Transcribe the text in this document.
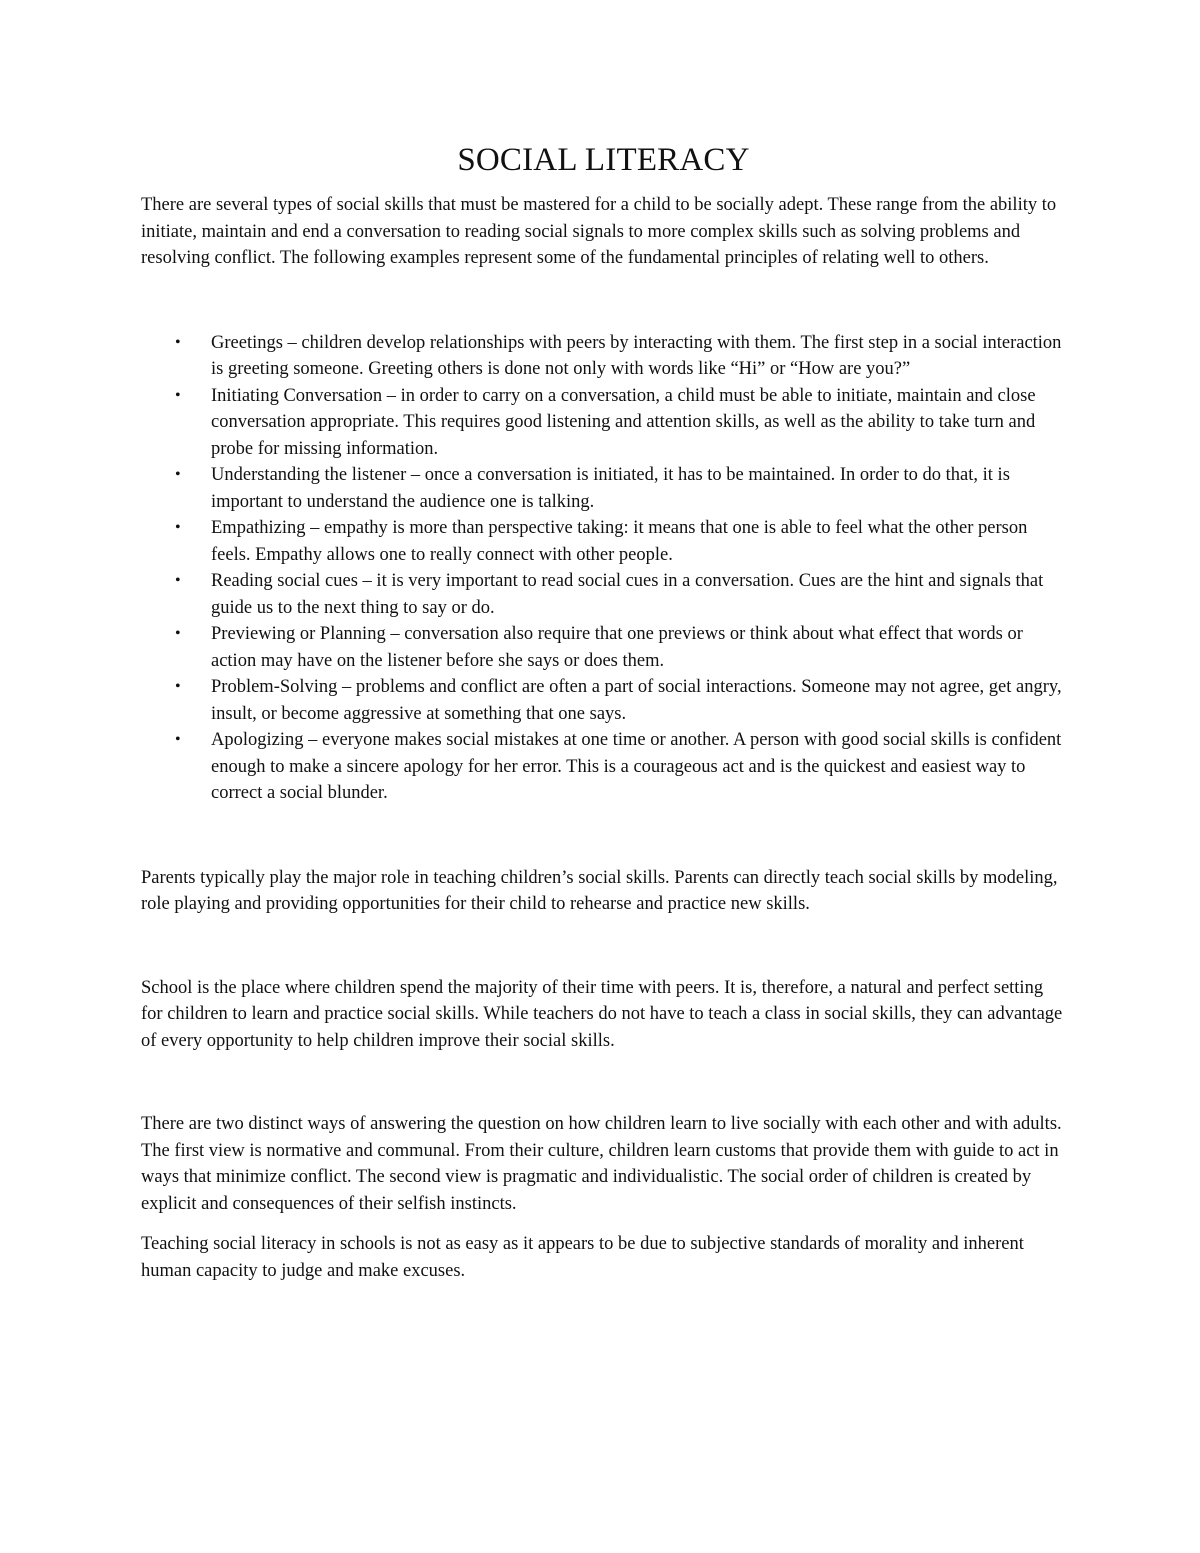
SOCIAL LITERACY

There are several types of social skills that must be mastered for a child to be socially adept. These range from the ability to initiate, maintain and end a conversation to reading social signals to more complex skills such as solving problems and resolving conflict. The following examples represent some of the fundamental principles of relating well to others.

• Greetings – children develop relationships with peers by interacting with them. The first step in a social interaction is greeting someone. Greeting others is done not only with words like “Hi” or “How are you?”
• Initiating Conversation – in order to carry on a conversation, a child must be able to initiate, maintain and close conversation appropriate. This requires good listening and attention skills, as well as the ability to take turn and probe for missing information.
• Understanding the listener – once a conversation is initiated, it has to be maintained. In order to do that, it is important to understand the audience one is talking.
• Empathizing – empathy is more than perspective taking: it means that one is able to feel what the other person feels. Empathy allows one to really connect with other people.
• Reading social cues – it is very important to read social cues in a conversation. Cues are the hint and signals that guide us to the next thing to say or do.
• Previewing or Planning – conversation also require that one previews or think about what effect that words or action may have on the listener before she says or does them.
• Problem-Solving – problems and conflict are often a part of social interactions. Someone may not agree, get angry, insult, or become aggressive at something that one says.
• Apologizing – everyone makes social mistakes at one time or another. A person with good social skills is confident enough to make a sincere apology for her error. This is a courageous act and is the quickest and easiest way to correct a social blunder.

Parents typically play the major role in teaching children’s social skills. Parents can directly teach social skills by modeling, role playing and providing opportunities for their child to rehearse and practice new skills.

School is the place where children spend the majority of their time with peers. It is, therefore, a natural and perfect setting for children to learn and practice social skills. While teachers do not have to teach a class in social skills, they can advantage of every opportunity to help children improve their social skills.

There are two distinct ways of answering the question on how children learn to live socially with each other and with adults. The first view is normative and communal. From their culture, children learn customs that provide them with guide to act in ways that minimize conflict. The second view is pragmatic and individualistic. The social order of children is created by explicit and consequences of their selfish instincts.

Teaching social literacy in schools is not as easy as it appears to be due to subjective standards of morality and inherent human capacity to judge and make excuses.
